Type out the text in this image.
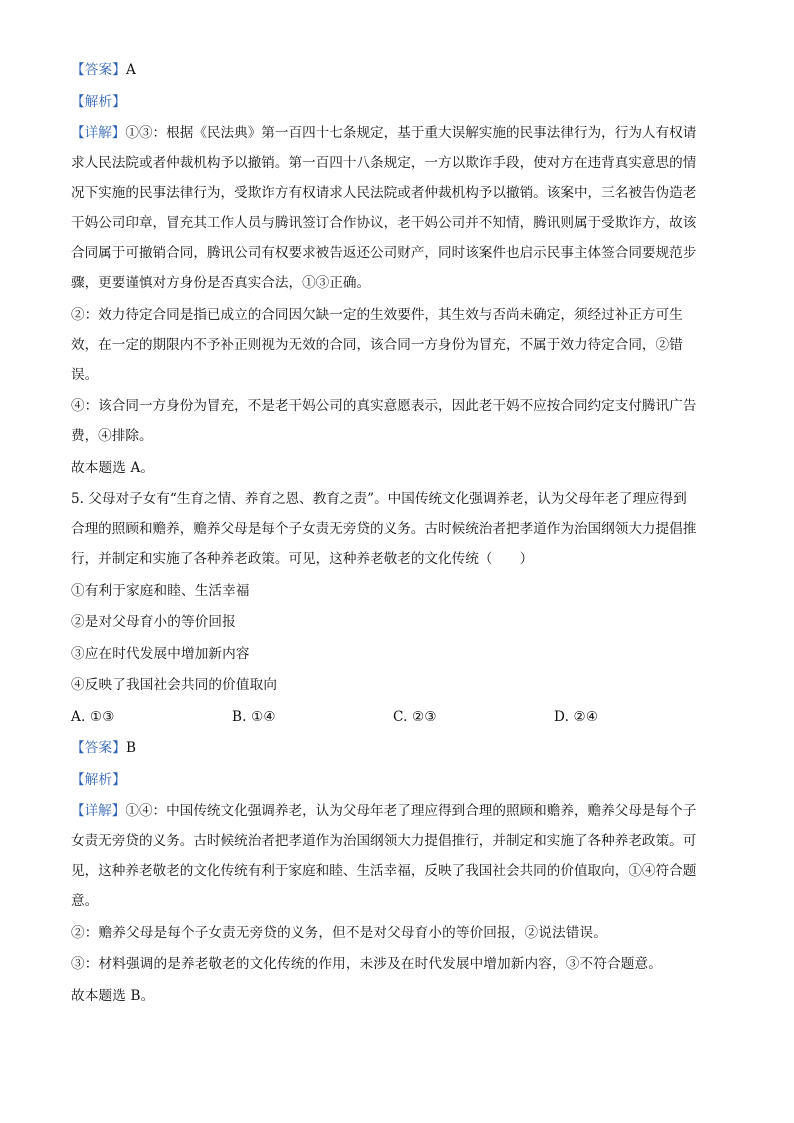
【答案】A
【解析】
【详解】①③：根据《民法典》第一百四十七条规定，基于重大误解实施的民事法律行为，行为人有权请
求人民法院或者仲裁机构予以撤销。第一百四十八条规定，一方以欺诈手段，使对方在违背真实意思的情
况下实施的民事法律行为，受欺诈方有权请求人民法院或者仲裁机构予以撤销。该案中，三名被告伪造老
干妈公司印章，冒充其工作人员与腾讯签订合作协议，老干妈公司并不知情，腾讯则属于受欺诈方，故该
合同属于可撤销合同，腾讯公司有权要求被告返还公司财产，同时该案件也启示民事主体签合同要规范步
骤，更要谨慎对方身份是否真实合法，①③正确。
②：效力待定合同是指已成立的合同因欠缺一定的生效要件，其生效与否尚未确定，须经过补正方可生
效，在一定的期限内不予补正则视为无效的合同，该合同一方身份为冒充，不属于效力待定合同，②错
误。
④：该合同一方身份为冒充，不是老干妈公司的真实意愿表示，因此老干妈不应按合同约定支付腾讯广告
费，④排除。
故本题选 A。
5. 父母对子女有“生育之情、养育之恩、教育之责”。中国传统文化强调养老，认为父母年老了理应得到
合理的照顾和赡养，赡养父母是每个子女责无旁贷的义务。古时候统治者把孝道作为治国纲领大力提倡推
行，并制定和实施了各种养老政策。可见，这种养老敬老的文化传统（　　）
①有利于家庭和睦、生活幸福
②是对父母育小的等价回报
③应在时代发展中增加新内容
④反映了我国社会共同的价值取向
A. ①③	B. ①④	C. ②③	D. ②④
【答案】B
【解析】
【详解】①④：中国传统文化强调养老，认为父母年老了理应得到合理的照顾和赡养，赡养父母是每个子
女责无旁贷的义务。古时候统治者把孝道作为治国纲领大力提倡推行，并制定和实施了各种养老政策。可
见，这种养老敬老的文化传统有利于家庭和睦、生活幸福，反映了我国社会共同的价值取向，①④符合题
意。
②：赡养父母是每个子女责无旁贷的义务，但不是对父母育小的等价回报，②说法错误。
③：材料强调的是养老敬老的文化传统的作用，未涉及在时代发展中增加新内容，③不符合题意。
故本题选 B。
